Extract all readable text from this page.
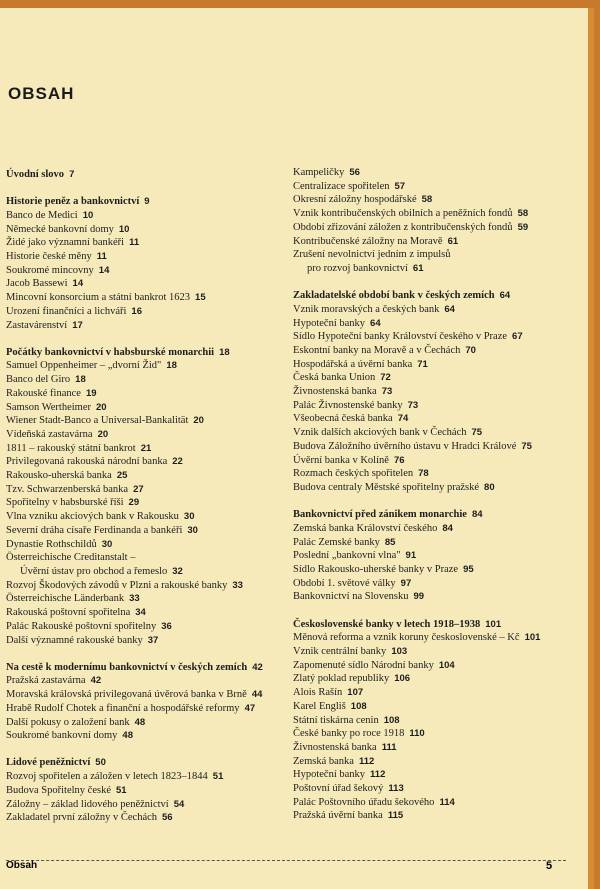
OBSAH
Úvodní slovo 7
Historie peněz a bankovnictví 9
Banco de Medici 10
Německé bankovní domy 10
Židé jako významní bankéři 11
Historie české měny 11
Soukromé mincovny 14
Jacob Bassewi 14
Mincovní konsorcium a státní bankrot 1623 15
Urození finančníci a lichváři 16
Zastavárenství 17
Počátky bankovnictví v habsburské monarchii 18
Samuel Oppenheimer – „dvorní Žid" 18
Banco del Giro 18
Rakouské finance 19
Samson Wertheimer 20
Wiener Stadt-Banco a Universal-Bankalität 20
Vídeňská zastavárna 20
1811 – rakouský státní bankrot 21
Privilegovaná rakouská národní banka 22
Rakousko-uherská banka 25
Tzv. Schwarzenberská banka 27
Spořitelny v habsburské říši 29
Vlna vzniku akciových bank v Rakousku 30
Severní dráha císaře Ferdinanda a bankéři 30
Dynastie Rothschildů 30
Österreichische Creditanstalt –
Úvěrní ústav pro obchod a řemeslo 32
Rozvoj Škodových závodů v Plzni a rakouské banky 33
Österreichische Länderbank 33
Rakouská poštovní spořitelna 34
Palác Rakouské poštovní spořitelny 36
Další významné rakouské banky 37
Na cestě k modernímu bankovnictví v českých zemích 42
Pražská zastavárna 42
Moravská královská privilegovaná úvěrová banka v Brně 44
Hrabě Rudolf Chotek a finanční a hospodářské reformy 47
Další pokusy o založení bank 48
Soukromé bankovní domy 48
Lidové peněžnictví 50
Rozvoj spořitelen a záložen v letech 1823–1844 51
Budova Spořitelny české 51
Záložny – základ lidového peněžnictví 54
Zakladatel první záložny v Čechách 56
Kampeličky 56
Centralizace spořitelen 57
Okresní záložny hospodářské 58
Vznik kontribučenských obilních a peněžních fondů 58
Období zřizování záložen z kontribučenských fondů 59
Kontribučenské záložny na Moravě 61
Zrušení nevolnictví jedním z impulsů
pro rozvoj bankovnictví 61
Zakladatelské období bank v českých zemích 64
Vznik moravských a českých bank 64
Hypoteční banky 64
Sídlo Hypoteční banky Království českého v Praze 67
Eskontní banky na Moravě a v Čechách 70
Hospodářská a úvěrní banka 71
Česká banka Union 72
Živnostenská banka 73
Palác Živnostenské banky 73
Všeobecná česká banka 74
Vznik dalších akciových bank v Čechách 75
Budova Záložního úvěrního ústavu v Hradci Králové 75
Úvěrní banka v Kolíně 76
Rozmach českých spořitelen 78
Budova centraly Městské spořitelny pražské 80
Bankovnictví před zánikem monarchie 84
Zemská banka Království českého 84
Palác Zemské banky 85
Poslední „bankovní vlna" 91
Sídlo Rakousko-uherské banky v Praze 95
Období 1. světové války 97
Bankovnictví na Slovensku 99
Československé banky v letech 1918–1938 101
Měnová reforma a vznik koruny československé – Kč 101
Vznik centrální banky 103
Zapomenuté sídlo Národní banky 104
Zlatý poklad republiky 106
Alois Rašín 107
Karel Engliš 108
Státní tiskárna cenin 108
České banky po roce 1918 110
Živnostenská banka 111
Zemská banka 112
Hypoteční banky 112
Poštovní úřad šekový 113
Palác Poštovního úřadu šekového 114
Pražská úvěrní banka 115
Obsah	5
